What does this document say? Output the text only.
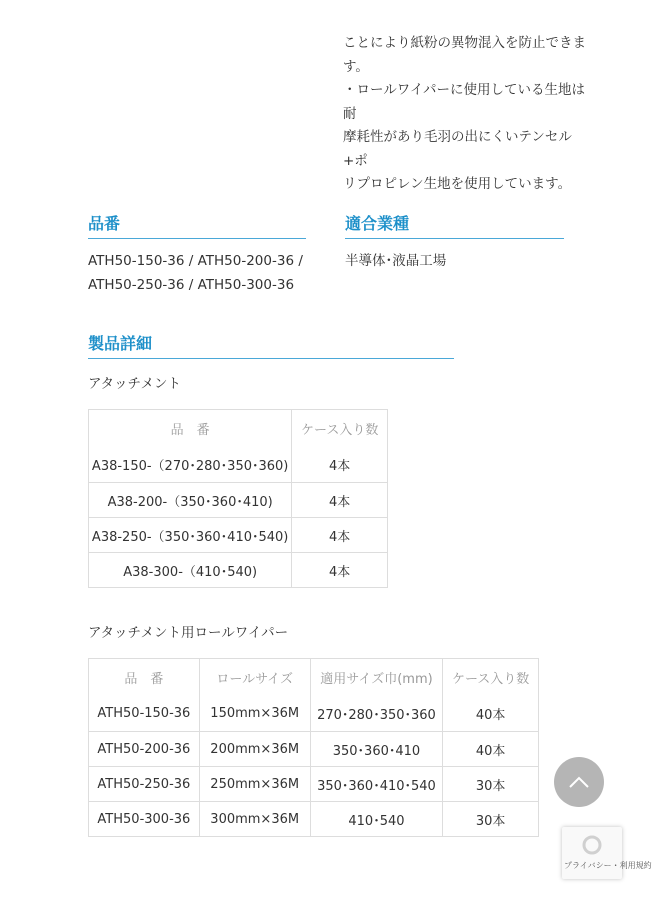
ことにより紙粉の異物混入を防止できま

す。

・ロールワイパーに使用している生地は耐

摩耗性があり毛羽の出にくいテンセル+ポ

リプロピレン生地を使用しています。

品番
ATH50-150-36 / ATH50-200-36 /
ATH50-250-36 / ATH50-300-36
適合業種
半導体･液晶工場
製品詳細
アタッチメント
品　番	ケース入り数
A38-150-（270･280･350･360)	4本
A38-200-（350･360･410)	4本
A38-250-（350･360･410･540)	4本
A38-300-（410･540)	4本
アタッチメント用ロールワイパー
品　番	ロールサイズ	適用サイズ巾(mm)	ケース入り数
ATH50-150-36	150mm×36M	270･280･350･360	40本
ATH50-200-36	200mm×36M	350･360･410	40本
ATH50-250-36	250mm×36M	350･360･410･540	30本
ATH50-300-36	300mm×36M	410･540	30本
プライバシー・利用規約
